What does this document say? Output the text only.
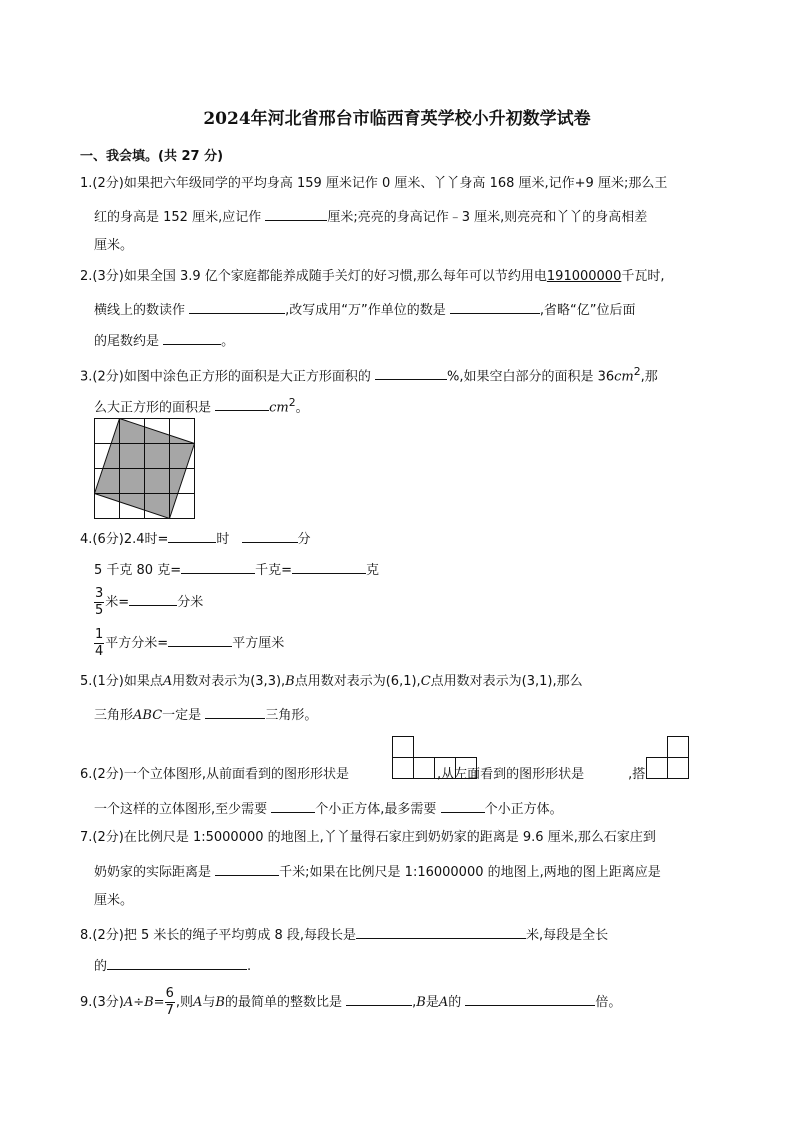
2024年河北省邢台市临西育英学校小升初数学试卷
一、我会填。(共 27 分)
1.(2分)如果把六年级同学的平均身高 159 厘米记作 0 厘米、丫丫身高 168 厘米,记作+9 厘米;那么王
红的身高是 152 厘米,应记作	厘米;亮亮的身高记作﹣3 厘米,则亮亮和丫丫的身高相差
厘米。
2.(3分)如果全国 3.9 亿个家庭都能养成随手关灯的好习惯,那么每年可以节约用电191000000千瓦时,
横线上的数读作	,改写成用“万”作单位的数是	,省略“亿”位后面
的尾数约是	。
3.(2分)如图中涂色正方形的面积是大正方形面积的	%,如果空白部分的面积是 $36cm^2$,那
么大正方形的面积是	$cm^2$。
4.(6分)2.4时=	时	分
5 千克 80 克=	千克=	克
$\frac{3}{5}$ 米=	分米
$\frac{1}{4}$ 平方分米=	平方厘米
5.(1分)如果点A用数对表示为(3,3),B点用数对表示为(6,1),C点用数对表示为(3,1),那么
三角形ABC一定是	三角形。
6.(2分)一个立体图形,从前面看到的图形形状是	,从左面看到的图形形状是	,搭
一个这样的立体图形,至少需要	个小正方体,最多需要	个小正方体。
7.(2分)在比例尺是 1:5000000 的地图上,丫丫量得石家庄到奶奶家的距离是 9.6 厘米,那么石家庄到
奶奶家的实际距离是	千米;如果在比例尺是 1:16000000 的地图上,两地的图上距离应是
厘米。
8.(2分)把 5 米长的绳子平均剪成 8 段,每段长是	米,每段是全长
的	.
9.(3分)$A\div B= \frac{6}{7}$ ,则A与B的最简单的整数比是	,B是A的	倍。
